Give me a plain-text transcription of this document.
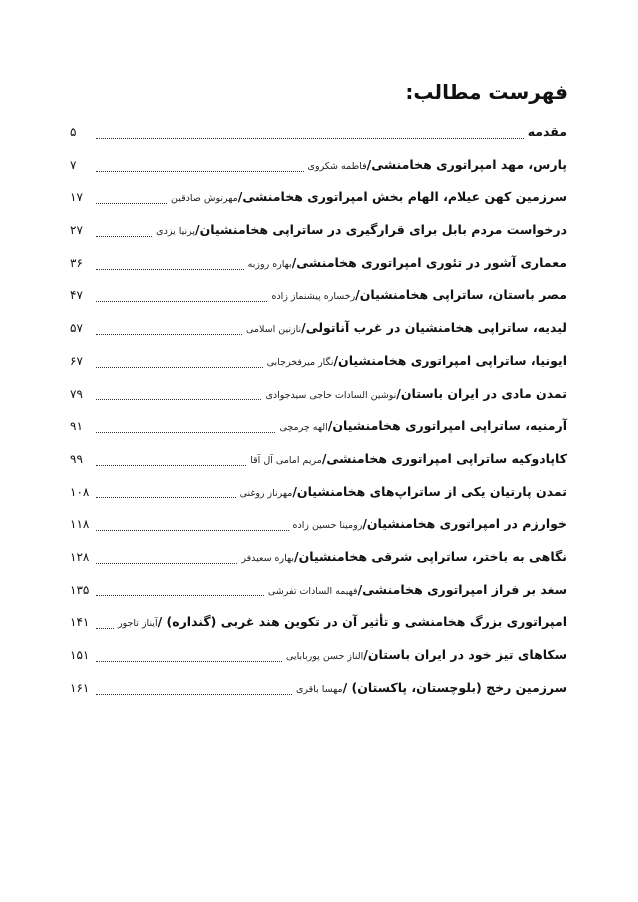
فهرست مطالب:
مقدمه
۵
پارس، مهد امپراتوری هخامنشی/فاطمه شکروی
۷
سرزمین کهن عیلام، الهام بخش امپراتوری هخامنشی/مهرنوش صادقین
۱۷
درخواست مردم بابل برای قرارگیری در ساتراپی هخامنشیان/پرنیا یزدی
۲۷
معماری آشور در تئوری امپراتوری هخامنشی/بهاره روزبه
۳۶
مصر باستان، ساتراپی هخامنشیان/رخساره پیشنماز زاده
۴۷
لیدیه، ساتراپی هخامنشیان در غرب آناتولی/نازنین اسلامی
۵۷
ایونیا، ساتراپی امپراتوری هخامنشیان/نگار میرفخرجابی
۶۷
تمدن مادی در ایران باستان/نوشین السادات حاجی سیدجوادی
۷۹
آرمنیه، ساتراپی امپراتوری هخامنشیان/الهه چرمچی
۹۱
کاپادوکیه ساتراپی امپراتوری هخامنشی/مریم امامی آل آقا
۹۹
تمدن پارتیان یکی از ساتراپ‌های هخامنشیان/مهرناز روغنی
۱۰۸
خوارزم در امپراتوری هخامنشیان/رومینا حسین زاده
۱۱۸
نگاهی به باختر، ساتراپی شرقی هخامنشیان/بهاره سعیدفر
۱۲۸
سغد بر فراز امپراتوری هخامنشی/فهیمه السادات تفرشی
۱۳۵
امپراتوری بزرگ هخامنشی و تأثیر آن در تکوین هند غربی (گنداره) /آیناز تاجور
۱۴۱
سکاهای تیز خود در ایران باستان/الناز حسن پوربابایی
۱۵۱
سرزمین رخج (بلوچستان، پاکستان) /مهسا باقری
۱۶۱
